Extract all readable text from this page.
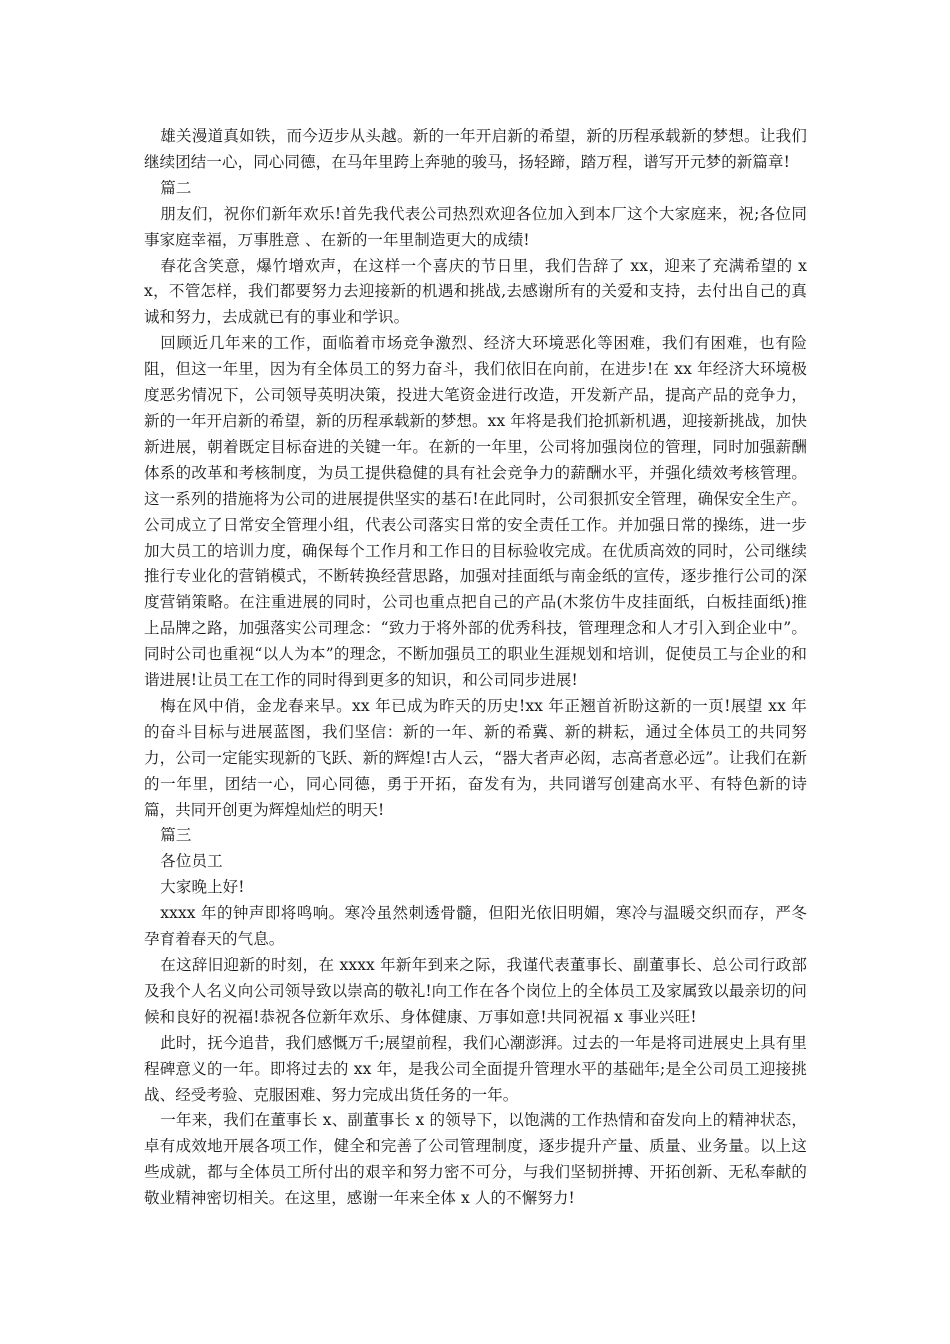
雄关漫道真如铁，而今迈步从头越。新的一年开启新的希望，新的历程承载新的梦想。让我们继续团结一心，同心同德，在马年里跨上奔驰的骏马，扬轻蹄，踏万程，谱写开元梦的新篇章!

篇二

朋友们，祝你们新年欢乐!首先我代表公司热烈欢迎各位加入到本厂这个大家庭来，祝;各位同事家庭幸福，万事胜意 、在新的一年里制造更大的成绩!

春花含笑意，爆竹增欢声，在这样一个喜庆的节日里，我们告辞了 xx，迎来了充满希望的 xx，不管怎样，我们都要努力去迎接新的机遇和挑战,去感谢所有的关爱和支持，去付出自己的真诚和努力，去成就已有的事业和学识。

回顾近几年来的工作，面临着市场竞争激烈、经济大环境恶化等困难，我们有困难，也有险阻，但这一年里，因为有全体员工的努力奋斗，我们依旧在向前，在进步!在 xx 年经济大环境极度恶劣情况下，公司领导英明决策，投进大笔资金进行改造，开发新产品，提高产品的竞争力，新的一年开启新的希望，新的历程承载新的梦想。xx 年将是我们抢抓新机遇，迎接新挑战，加快新进展，朝着既定目标奋进的关键一年。在新的一年里，公司将加强岗位的管理，同时加强薪酬体系的改革和考核制度，为员工提供稳健的具有社会竞争力的薪酬水平，并强化绩效考核管理。这一系列的措施将为公司的进展提供坚实的基石!在此同时，公司狠抓安全管理，确保安全生产。公司成立了日常安全管理小组，代表公司落实日常的安全责任工作。并加强日常的操练，进一步加大员工的培训力度，确保每个工作月和工作日的目标验收完成。在优质高效的同时，公司继续推行专业化的营销模式，不断转换经营思路，加强对挂面纸与南金纸的宣传，逐步推行公司的深度营销策略。在注重进展的同时，公司也重点把自己的产品(木浆仿牛皮挂面纸，白板挂面纸)推上品牌之路，加强落实公司理念：“致力于将外部的优秀科技，管理理念和人才引入到企业中”。同时公司也重视“以人为本”的理念，不断加强员工的职业生涯规划和培训，促使员工与企业的和谐进展!让员工在工作的同时得到更多的知识，和公司同步进展!

梅在风中俏，金龙春来早。xx 年已成为昨天的历史!xx 年正翘首祈盼这新的一页!展望 xx 年的奋斗目标与进展蓝图，我们坚信：新的一年、新的希冀、新的耕耘，通过全体员工的共同努力，公司一定能实现新的飞跃、新的辉煌!古人云，“器大者声必闳，志高者意必远”。让我们在新的一年里，团结一心，同心同德，勇于开拓，奋发有为，共同谱写创建高水平、有特色新的诗篇，共同开创更为辉煌灿烂的明天!

篇三

各位员工

大家晚上好!

xxxx 年的钟声即将鸣响。寒冷虽然刺透骨髓，但阳光依旧明媚，寒冷与温暖交织而存，严冬孕育着春天的气息。

在这辞旧迎新的时刻，在 xxxx 年新年到来之际，我谨代表董事长、副董事长、总公司行政部及我个人名义向公司领导致以崇高的敬礼!向工作在各个岗位上的全体员工及家属致以最亲切的问候和良好的祝福!恭祝各位新年欢乐、身体健康、万事如意!共同祝福 x 事业兴旺!

此时，抚今追昔，我们感慨万千;展望前程，我们心潮澎湃。过去的一年是将司进展史上具有里程碑意义的一年。即将过去的 xx 年，是我公司全面提升管理水平的基础年;是全公司员工迎接挑战、经受考验、克服困难、努力完成出货任务的一年。

一年来，我们在董事长 x、副董事长 x 的领导下，以饱满的工作热情和奋发向上的精神状态，卓有成效地开展各项工作，健全和完善了公司管理制度，逐步提升产量、质量、业务量。以上这些成就，都与全体员工所付出的艰辛和努力密不可分，与我们坚韧拼搏、开拓创新、无私奉献的敬业精神密切相关。在这里，感谢一年来全体 x 人的不懈努力!
